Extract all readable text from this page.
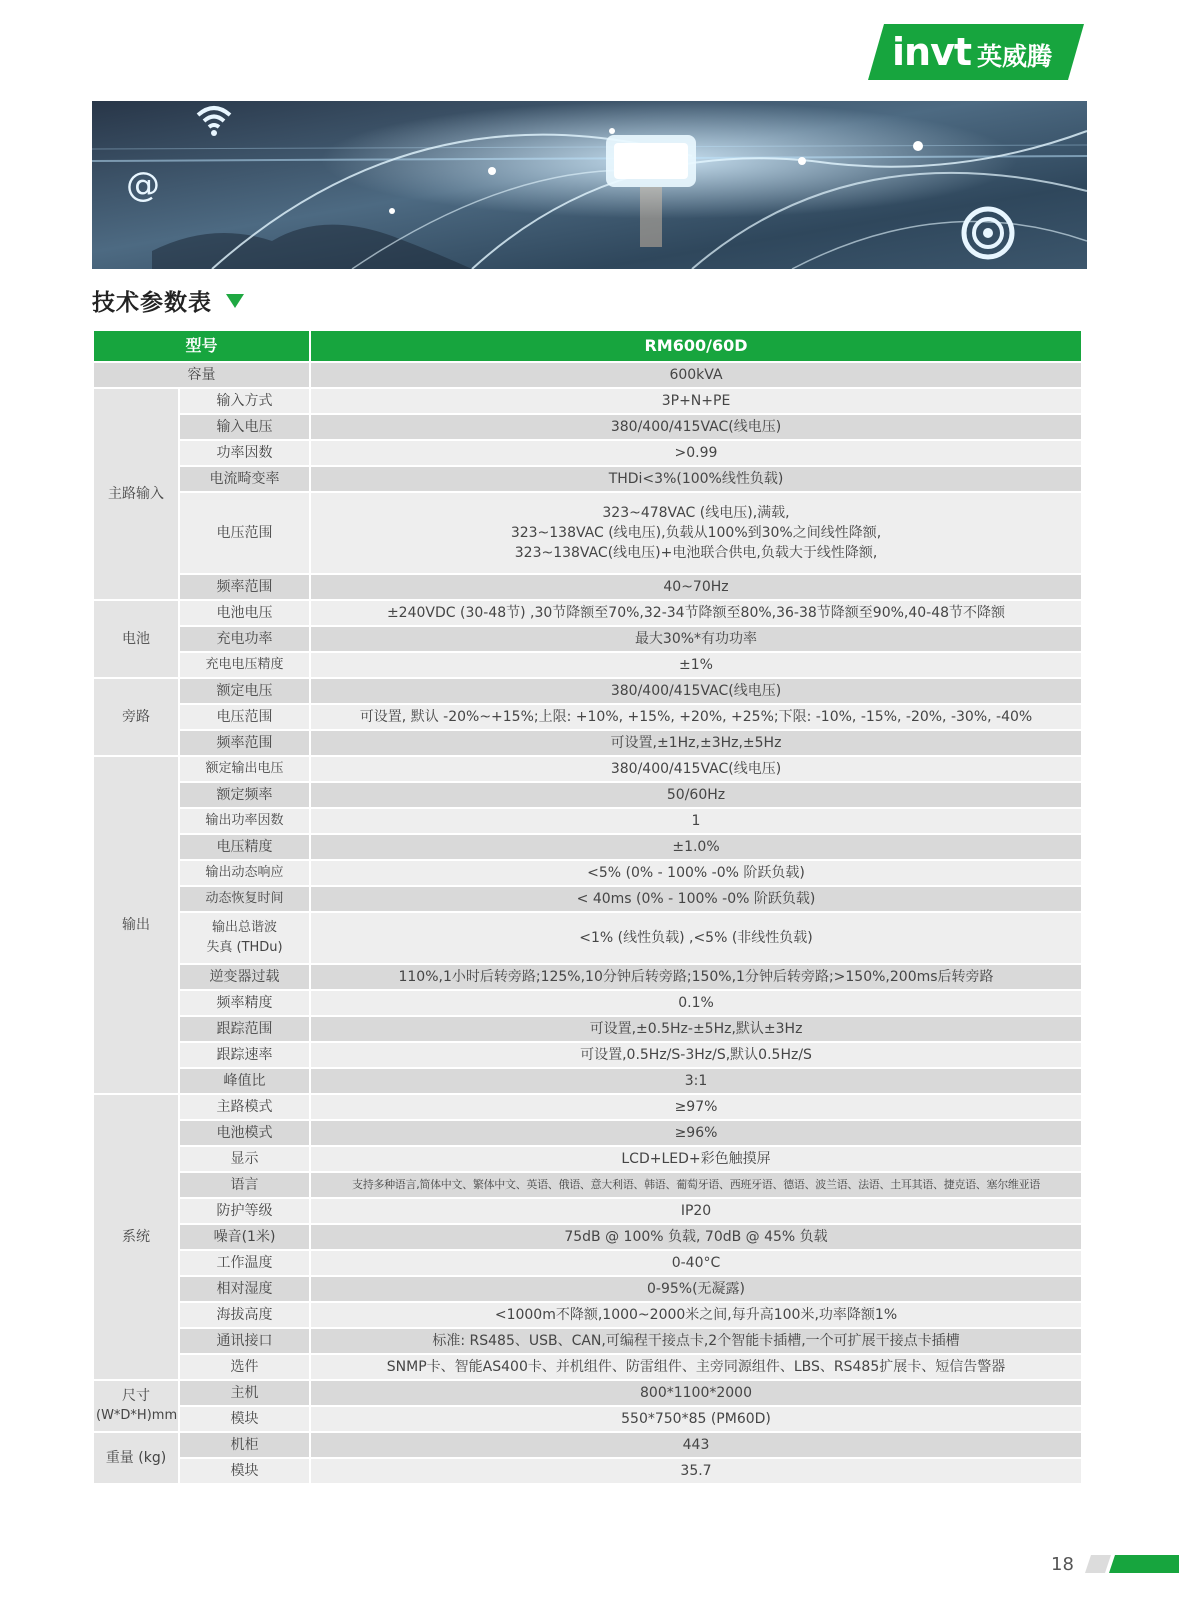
invt 英威腾
@
技术参数表
型号		RM600/60D
容量		600kVA
主路输入	输入方式	3P+N+PE
	输入电压	380/400/415VAC(线电压)
	功率因数	>0.99
	电流畸变率	THDi<3%(100%线性负载)
	电压范围	323~478VAC (线电压),满载,
323~138VAC (线电压),负载从100%到30%之间线性降额,
323~138VAC(线电压)+电池联合供电,负载大于线性降额,

	频率范围	40~70Hz
电池	电池电压	±240VDC (30-48节) ,30节降额至70%,32-34节降额至80%,36-38节降额至90%,40-48节不降额
	充电功率	最大30%*有功功率
	充电电压精度	±1%
旁路	额定电压	380/400/415VAC(线电压)
	电压范围	可设置, 默认 -20%~+15%;上限: +10%, +15%, +20%, +25%;下限: -10%, -15%, -20%, -30%, -40%
	频率范围	可设置,±1Hz,±3Hz,±5Hz
输出	额定输出电压	380/400/415VAC(线电压)
	额定频率	50/60Hz
	输出功率因数	1
	电压精度	±1.0%
	输出动态响应	<5% (0% - 100% -0% 阶跃负载)
	动态恢复时间	< 40ms (0% - 100% -0% 阶跃负载)

	输出总谐波
失真 (THDu)	<1% (线性负载) ,<5% (非线性负载)
	逆变器过载	110%,1小时后转旁路;125%,10分钟后转旁路;150%,1分钟后转旁路;>150%,200ms后转旁路
	频率精度	0.1%
	跟踪范围	可设置,±0.5Hz-±5Hz,默认±3Hz
	跟踪速率	可设置,0.5Hz/S-3Hz/S,默认0.5Hz/S
	峰值比	3:1
系统	主路模式	≥97%
	电池模式	≥96%
	显示	LCD+LED+彩色触摸屏
	语言	支持多种语言,简体中文、繁体中文、英语、俄语、意大利语、韩语、葡萄牙语、西班牙语、德语、波兰语、法语、土耳其语、捷克语、塞尔维亚语
	防护等级	IP20
	噪音(1米)	75dB @ 100% 负载, 70dB @ 45% 负载
	工作温度	0-40°C
	相对湿度	0-95%(无凝露)
	海拔高度	<1000m不降额,1000~2000米之间,每升高100米,功率降额1%
	通讯接口	标准: RS485、USB、CAN,可编程干接点卡,2个智能卡插槽,一个可扩展干接点卡插槽
	选件	SNMP卡、智能AS400卡、并机组件、防雷组件、主旁同源组件、LBS、RS485扩展卡、短信告警器

尺寸
(W*D*H)mm	主机	800*1100*2000
	模块	550*750*85 (PM60D)
重量 (kg)	机柜	443
	模块	35.7
18
